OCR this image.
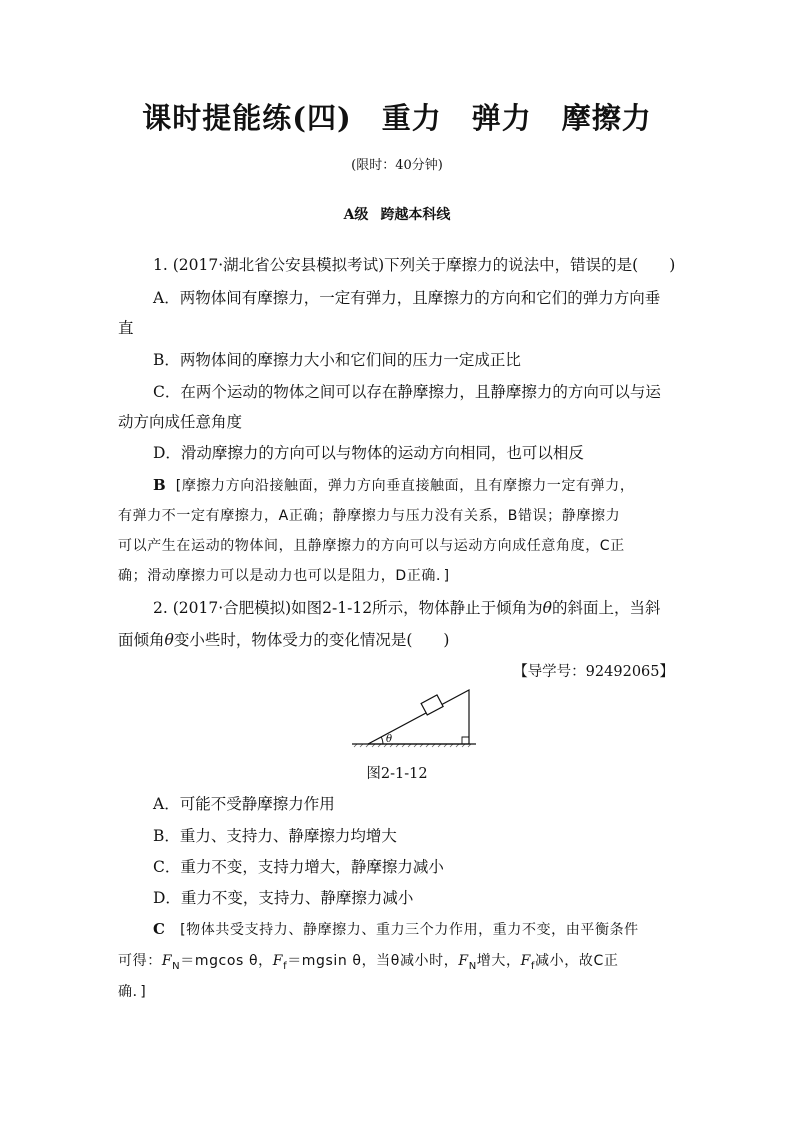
课时提能练(四) 重力 弹力 摩擦力
(限时：40分钟)
A级 跨越本科线
1. (2017·湖北省公安县模拟考试)下列关于摩擦力的说法中，错误的是(　　)
A．两物体间有摩擦力，一定有弹力，且摩擦力的方向和它们的弹力方向垂
直
B．两物体间的摩擦力大小和它们间的压力一定成正比
C．在两个运动的物体之间可以存在静摩擦力，且静摩擦力的方向可以与运
动方向成任意角度
D．滑动摩擦力的方向可以与物体的运动方向相同，也可以相反
B [摩擦力方向沿接触面，弹力方向垂直接触面，且有摩擦力一定有弹力，
有弹力不一定有摩擦力，A正确；静摩擦力与压力没有关系，B错误；静摩擦力
可以产生在运动的物体间，且静摩擦力的方向可以与运动方向成任意角度，C正
确；滑动摩擦力可以是动力也可以是阻力，D正确．]
2. (2017·合肥模拟)如图2-1-12所示，物体静止于倾角为θ的斜面上，当斜
面倾角θ变小些时，物体受力的变化情况是(　　)
【导学号：92492065】
θ
图2-1-12
A．可能不受静摩擦力作用
B．重力、支持力、静摩擦力均增大
C．重力不变，支持力增大，静摩擦力减小
D．重力不变，支持力、静摩擦力减小
C [物体共受支持力、静摩擦力、重力三个力作用，重力不变，由平衡条件
可得：$F_N=mgcos$ θ，$F_f=mgsin$ θ，当θ减小时，$F_N$增大，$F_f$减小，故C正
确．]
